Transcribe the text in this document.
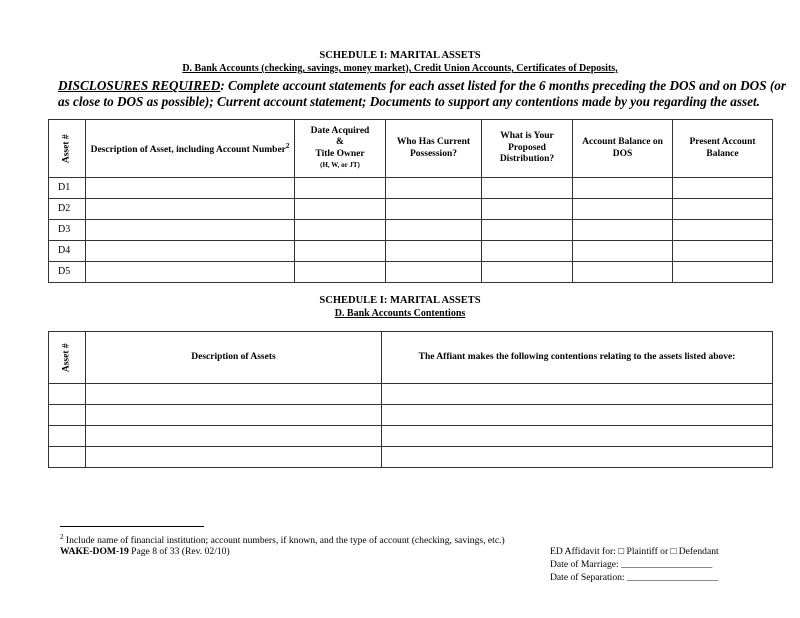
SCHEDULE I: MARITAL ASSETS
D. Bank Accounts (checking, savings, money market), Credit Union Accounts, Certificates of Deposits,
DISCLOSURES REQUIRED: Complete account statements for each asset listed for the 6 months preceding the DOS and on DOS (or as close to DOS as possible); Current account statement; Documents to support any contentions made by you regarding the asset.
Asset #	Description of Asset, including Account Number$^2$	Date Acquired
&
Title Owner
(H, W, or JT)	Who Has Current Possession?	What is Your Proposed Distribution?	Account Balance on DOS	Present Account Balance
D1						
D2						
D3						
D4						
D5						
SCHEDULE I: MARITAL ASSETS
D. Bank Accounts Contentions
Asset #	Description of Assets	The Affiant makes the following contentions relating to the assets listed above:

$^2$ Include name of financial institution; account numbers, if known, and the type of account (checking, savings, etc.)
WAKE-DOM-19 Page 8 of 33 (Rev. 02/10)	ED Affidavit for: □ Plaintiff or □ Defendant
Date of Marriage: ___________________
Date of Separation: ___________________
